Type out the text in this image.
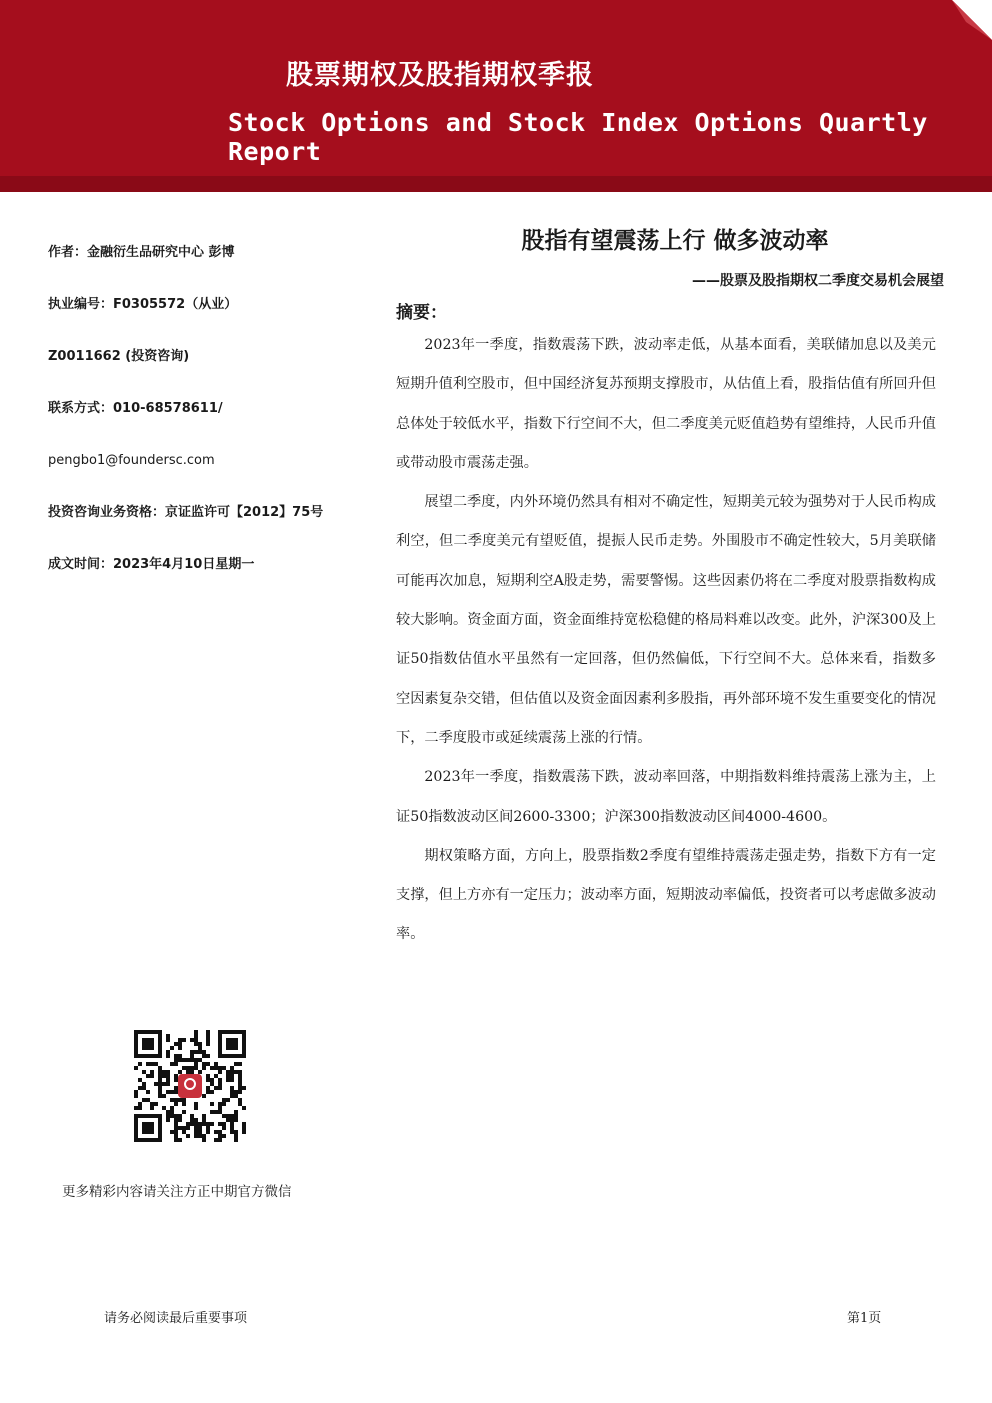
股票期权及股指期权季报
Stock Options and Stock Index Options Quartly Report
作者：金融衍生品研究中心 彭博
执业编号：F0305572（从业）
Z0011662 (投资咨询)
联系方式：010-68578611/
pengbo1@foundersc.com
投资咨询业务资格：京证监许可【2012】75号
成文时间：2023年4月10日星期一

更多精彩内容请关注方正中期官方微信

股指有望震荡上行 做多波动率
——股票及股指期权二季度交易机会展望
摘要：

2023年一季度，指数震荡下跌，波动率走低，从基本面看，美联储加息以及美元短期升值利空股市，但中国经济复苏预期支撑股市，从估值上看，股指估值有所回升但总体处于较低水平，指数下行空间不大，但二季度美元贬值趋势有望维持，人民币升值或带动股市震荡走强。

展望二季度，内外环境仍然具有相对不确定性，短期美元较为强势对于人民币构成利空，但二季度美元有望贬值，提振人民币走势。外围股市不确定性较大，5月美联储可能再次加息，短期利空A股走势，需要警惕。这些因素仍将在二季度对股票指数构成较大影响。资金面方面，资金面维持宽松稳健的格局料难以改变。此外，沪深300及上证50指数估值水平虽然有一定回落，但仍然偏低，下行空间不大。总体来看，指数多空因素复杂交错，但估值以及资金面因素利多股指，再外部环境不发生重要变化的情况下，二季度股市或延续震荡上涨的行情。

2023年一季度，指数震荡下跌，波动率回落，中期指数料维持震荡上涨为主，上证50指数波动区间2600-3300；沪深300指数波动区间4000-4600。

期权策略方面，方向上，股票指数2季度有望维持震荡走强走势，指数下方有一定支撑，但上方亦有一定压力；波动率方面，短期波动率偏低，投资者可以考虑做多波动率。

请务必阅读最后重要事项	第1页
